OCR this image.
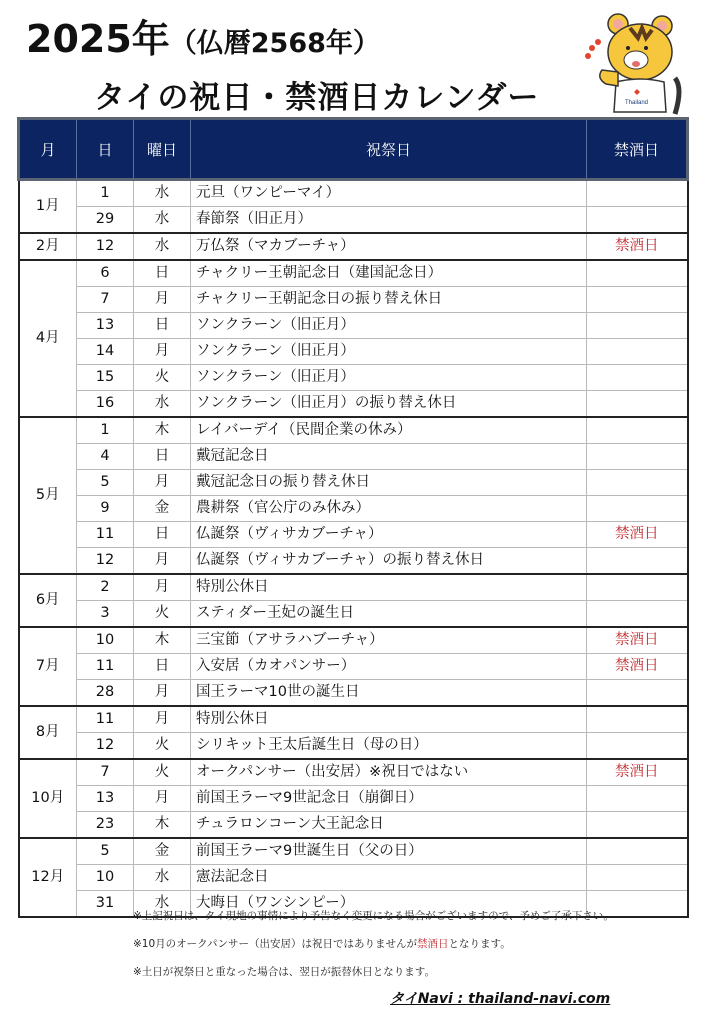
2025年（仏暦2568年）
タイの祝日・禁酒日カレンダー	Thailand
月	日	曜日	祝祭日	禁酒日
1月	1	水	元旦（ワンピーマイ）	
	29	水	春節祭（旧正月）	
2月	12	水	万仏祭（マカブーチャ）	禁酒日
4月	6	日	チャクリー王朝記念日（建国記念日）	
	7	月	チャクリー王朝記念日の振り替え休日	
	13	日	ソンクラーン（旧正月）	
	14	月	ソンクラーン（旧正月）	
	15	火	ソンクラーン（旧正月）	
	16	水	ソンクラーン（旧正月）の振り替え休日	
5月	1	木	レイバーデイ（民間企業の休み）	
	4	日	戴冠記念日	
	5	月	戴冠記念日の振り替え休日	
	9	金	農耕祭（官公庁のみ休み）	
	11	日	仏誕祭（ヴィサカブーチャ）	禁酒日
	12	月	仏誕祭（ヴィサカブーチャ）の振り替え休日	
6月	2	月	特別公休日	
	3	火	スティダー王妃の誕生日	
7月	10	木	三宝節（アサラハブーチャ）	禁酒日
	11	日	入安居（カオパンサー）	禁酒日
	28	月	国王ラーマ10世の誕生日	
8月	11	月	特別公休日	
	12	火	シリキット王太后誕生日（母の日）	
10月	7	火	オークパンサー（出安居）※祝日ではない	禁酒日
	13	月	前国王ラーマ9世記念日（崩御日）	
	23	木	チュラロンコーン大王記念日	
12月	5	金	前国王ラーマ9世誕生日（父の日）	
	10	水	憲法記念日	
	31	水	大晦日（ワンシンピー）	
※上記祝日は、タイ現地の事情により予告なく変更になる場合がございますので、予めご了承下さい。
※10月のオークパンサー（出安居）は祝日ではありませんが禁酒日となります。
※土日が祝祭日と重なった場合は、翌日が振替休日となります。
タイNavi : thailand-navi.com
